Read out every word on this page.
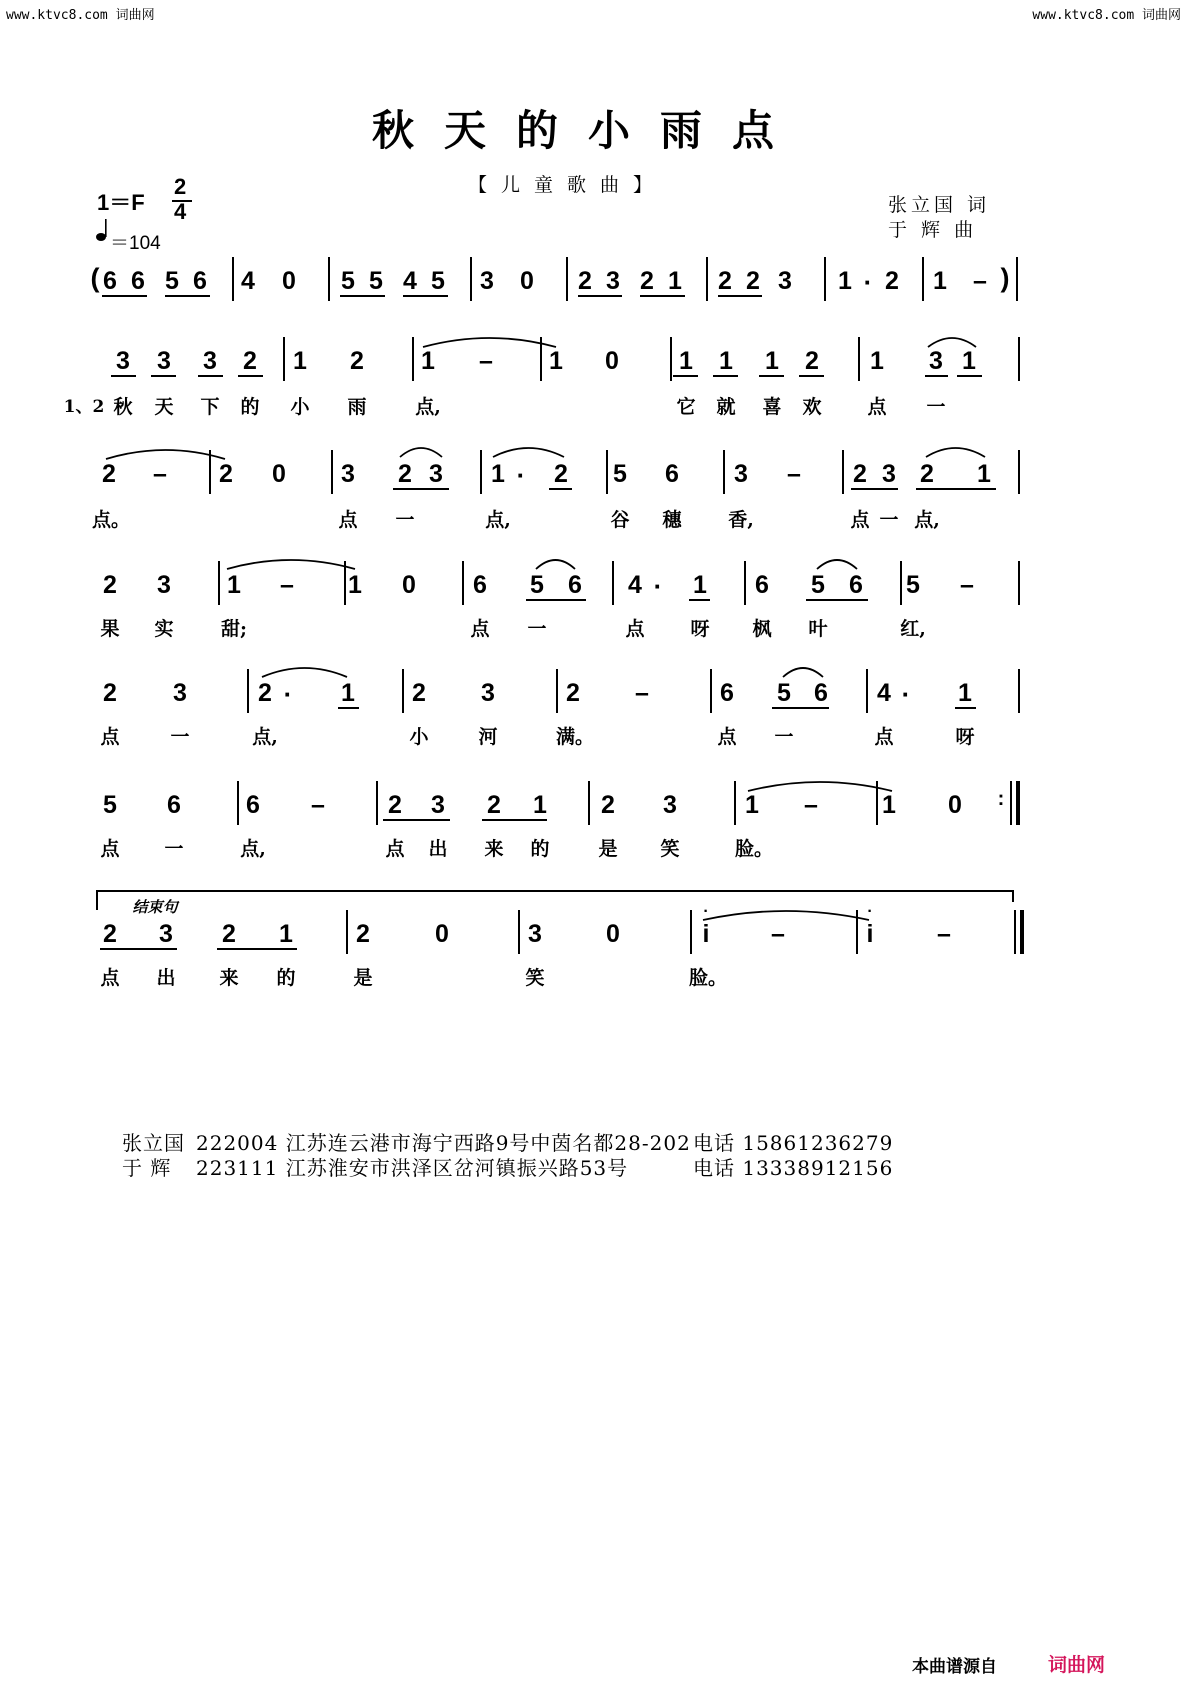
www.ktvc8.com 词曲网	www.ktvc8.com 词曲网
秋天的小雨点
【儿童歌曲】
1＝F
2
4
＝104
张立国 词
于 辉 曲
6 6 5 6	4	0	5 5 4 5	3	0	2 3 2 1	2 2 3	1 · 2	1	–
3	3	3	2	1	2	1	–	1	0	1	1	1	2	1	3 1
2	–	2	0	3	2 3	1 ·	2	5	6	3	–	2 3 2	1
2	3	1	–	1	0	6	5 6	4 ·	1	6	5 6	5	–
2	3	2 ·	1	2	3	2	–	6	5 6	4 ·	1
5	6	6	–	2	3	2	1	2	3	1	–	1	0
2	3	2	1	2	0	3	0	i	–	i	–
(	)
·	·
:
结束句
秋	天	下	的	小	雨	点,	它	就	喜	欢	点	一
点。	点	一	点,	谷	穗	香,	点 一 点,
果	实	甜;	点	一	点	呀	枫	叶	红,
点	一	点,	小	河	满。	点	一	点	呀
点	一	点,	点	出	来	的	是	笑	脸。
点	出	来	的	是	笑	脸。
1、2
张立国 222004 江苏连云港市海宁西路9号中茵名都28-202 电话 15861236279
于 辉 223111 江苏淮安市洪泽区岔河镇振兴路53号	电话 13338912156
本曲谱源自	词曲网
